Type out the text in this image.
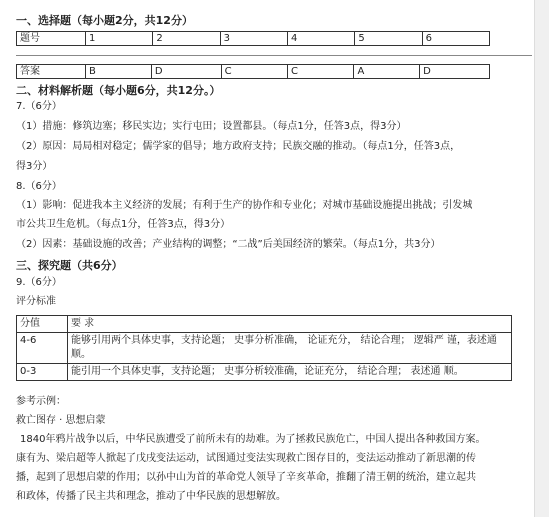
一、选择题（每小题2分，共12分）
题号	1	2	3	4	5	6
答案	B	D	C	C	A	D
二、材料解析题（每小题6分，共12分。）
7.（6分）
（1）措施：修筑边塞；移民实边；实行屯田；设置都县。（每点1分，任答3点，得3分）
（2）原因：局局相对稳定；儒学家的倡导；地方政府支持；民族交融的推动。（每点1分，任答3点，
得3分）
8.（6分）
（1）影响：促进我本主义经济的发展；有利于生产的协作和专业化；对城市基础设施提出挑战；引发城
市公共卫生危机。（每点1分，任答3点，得3分）
（2）因素：基础设施的改善；产业结构的调整；“二战”后美国经济的繁荣。（每点1分，共3分）
三、探究题（共6分）
9.（6分）
评分标准
分值	要 求
4-6	能够引用两个具体史事，支持论题； 史事分析准确， 论证充分， 结论合理； 逻辑严 谨，表述通顺。
0-3	能引用一个具体史事，支持论题； 史事分析较准确，论证充分， 结论合理； 表述通 顺。
参考示例：
救亡图存 · 思想启蒙
1840年鸦片战争以后，中华民族遭受了前所未有的劫难。为了拯救民族危亡，中国人提出各种救国方案。
康有为、梁启超等人掀起了戊戌变法运动，试图通过变法实现救亡图存目的，变法运动推动了新思潮的传
播，起到了思想启蒙的作用；以孙中山为首的革命党人领导了辛亥革命，推翻了清王朝的统治，建立起共
和政体，传播了民主共和理念，推动了中华民族的思想解放。
